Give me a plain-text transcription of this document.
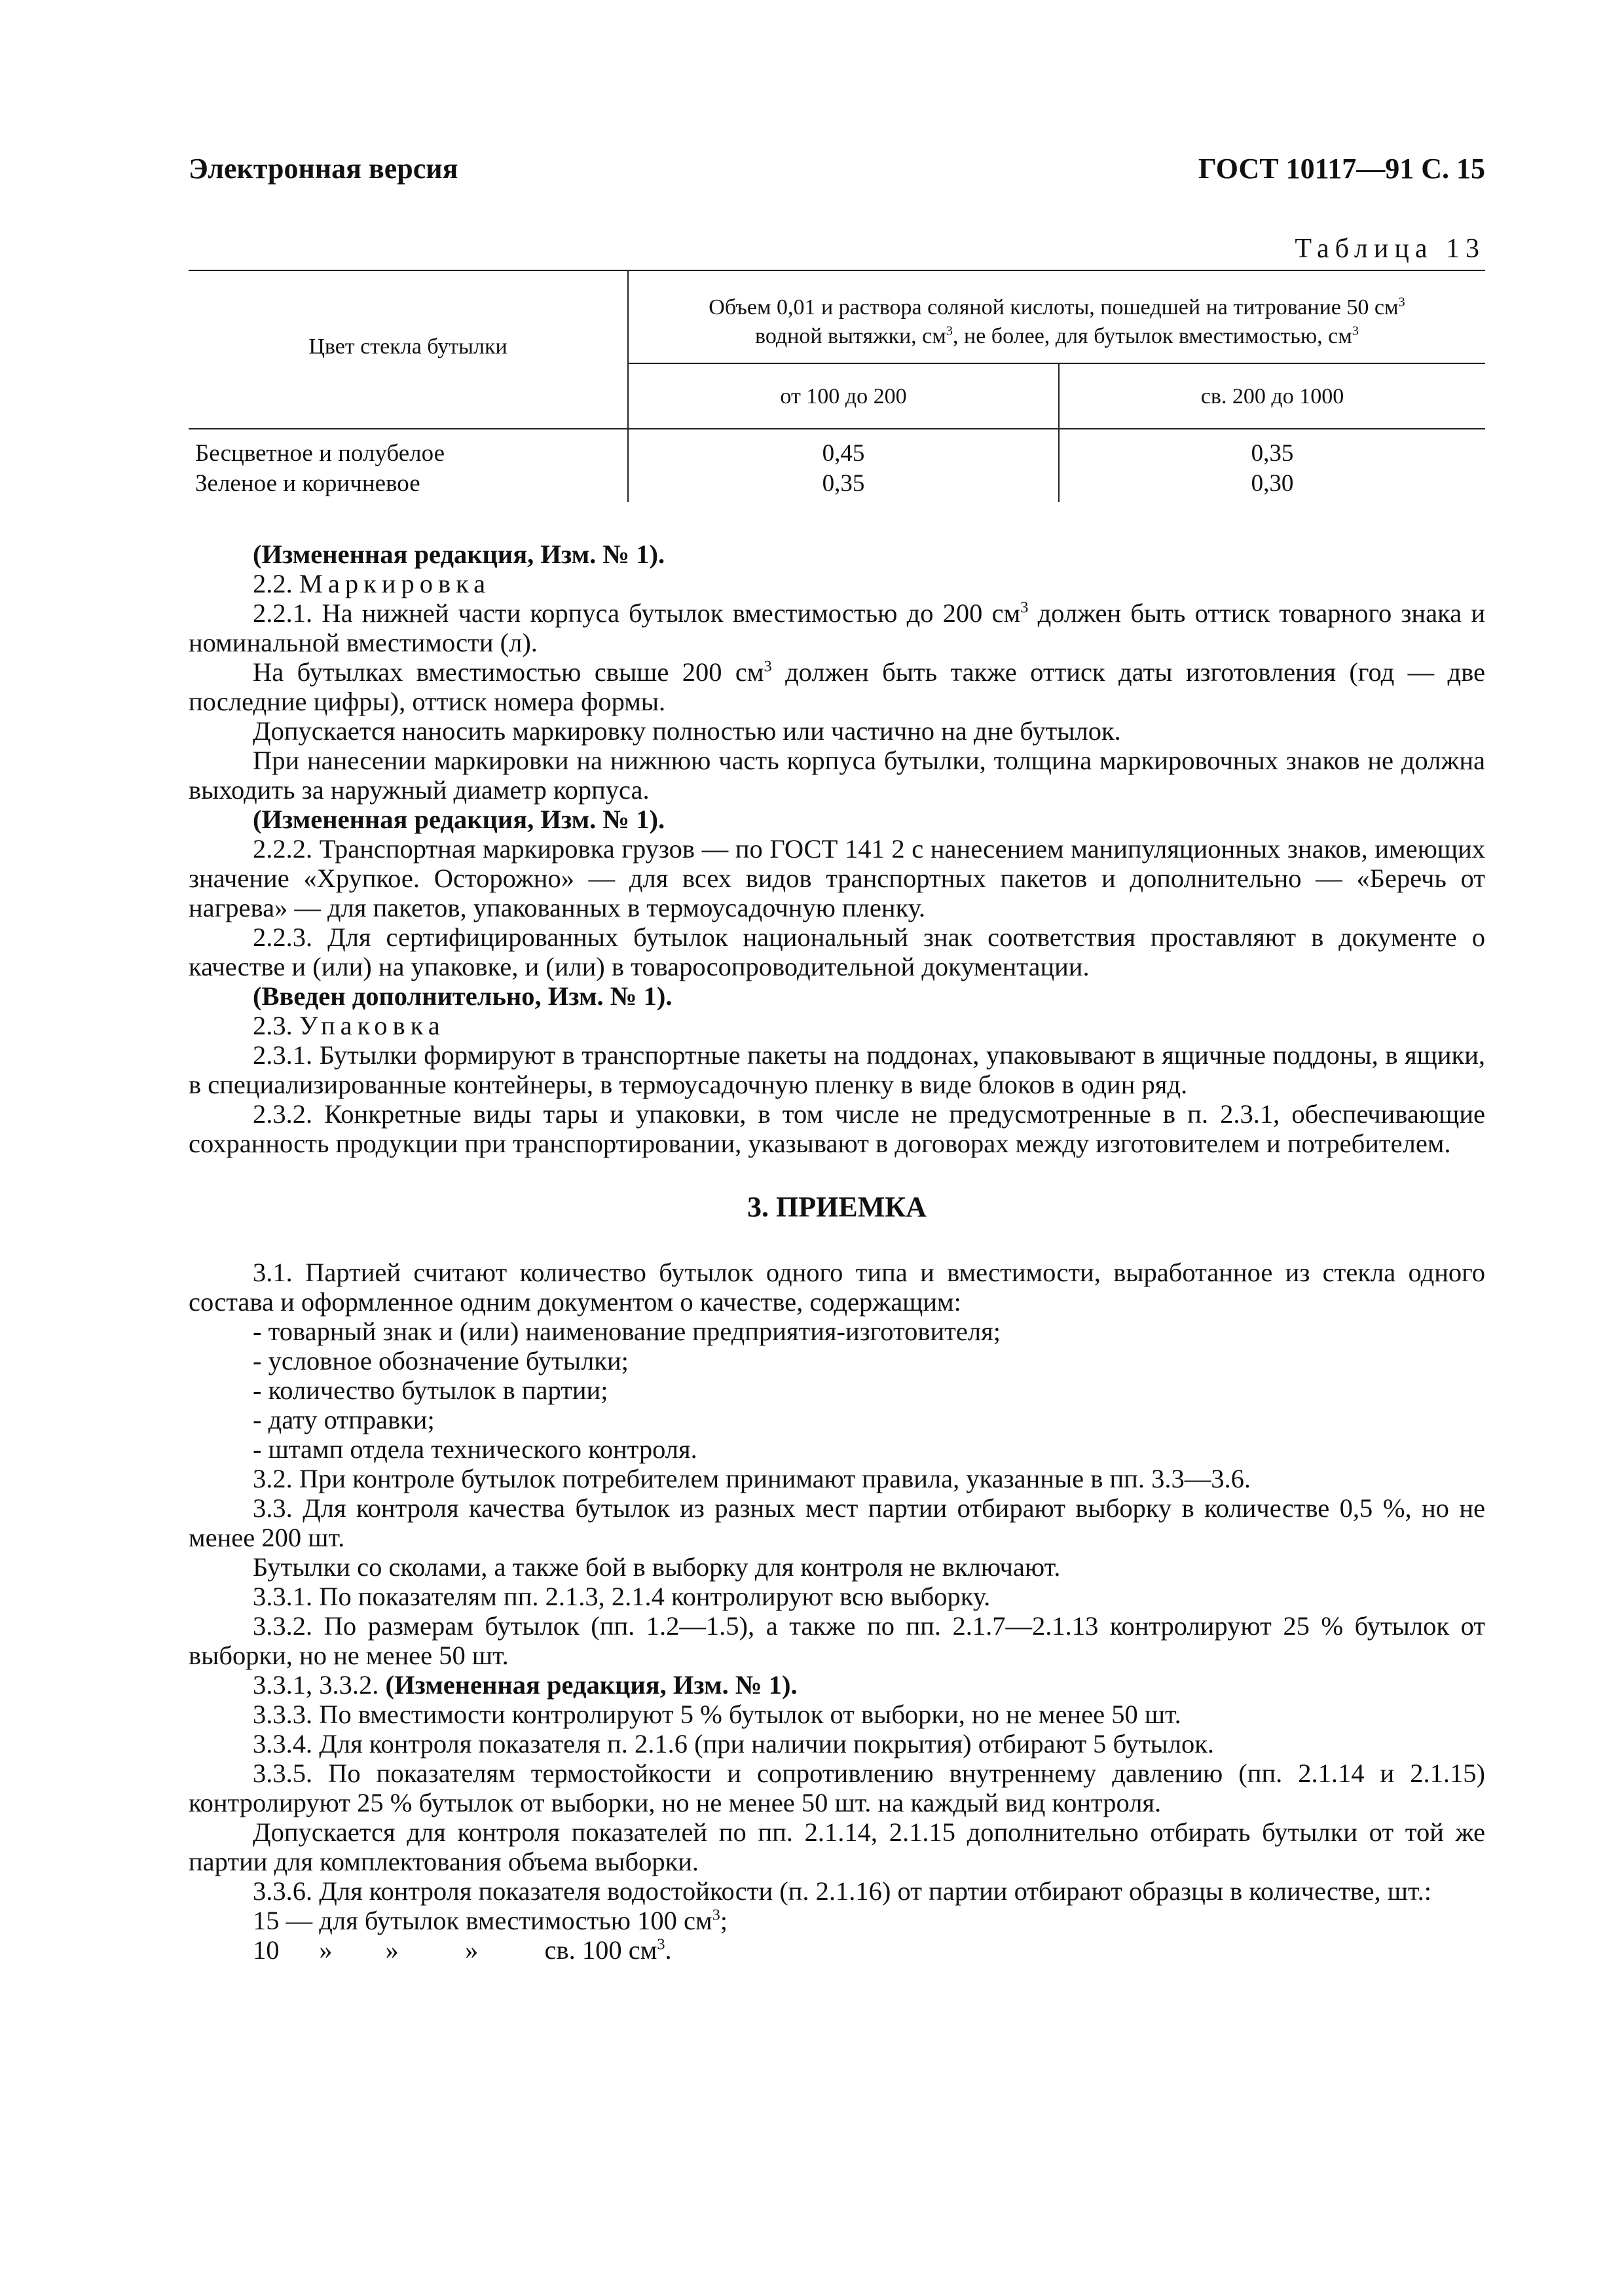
Электронная версия	ГОСТ 10117—91 С. 15
Таблица 13
Цвет стекла бутылки
Объем 0,01 и раствора соляной кислоты, пошедшей на титрование 50 $см^3$
водной вытяжки, $см^3$, не более, для бутылок вместимостью, $см^3$
от 100 до 200	св. 200 до 1000
Бесцветное и полубелое
Зеленое и коричневое
0,45
0,35
0,35
0,30

(Измененная редакция, Изм. № 1).

2.2. Маркировка

2.2.1. На нижней части корпуса бутылок вместимостью до 200 $см^3$ должен быть оттиск товарного знака и номинальной вместимости (л).

На бутылках вместимостью свыше 200 $см^3$ должен быть также оттиск даты изготовления (год — две последние цифры), оттиск номера формы.

Допускается наносить маркировку полностью или частично на дне бутылок.

При нанесении маркировки на нижнюю часть корпуса бутылки, толщина маркировочных знаков не должна выходить за наружный диаметр корпуса.

(Измененная редакция, Изм. № 1).

2.2.2. Транспортная маркировка грузов — по ГОСТ 141 2 с нанесением манипуляционных знаков, имеющих значение «Хрупкое. Осторожно» — для всех видов транспортных пакетов и дополнительно — «Беречь от нагрева» — для пакетов, упакованных в термоусадочную пленку.

2.2.3. Для сертифицированных бутылок национальный знак соответствия проставляют в документе о качестве и (или) на упаковке, и (или) в товаросопроводительной документации.

(Введен дополнительно, Изм. № 1).

2.3. Упаковка

2.3.1. Бутылки формируют в транспортные пакеты на поддонах, упаковывают в ящичные поддоны, в ящики, в специализированные контейнеры, в термоусадочную пленку в виде блоков в один ряд.

2.3.2. Конкретные виды тары и упаковки, в том числе не предусмотренные в п. 2.3.1, обеспечивающие сохранность продукции при транспортировании, указывают в договорах между изготовителем и потребителем.

3. ПРИЕМКА

3.1. Партией считают количество бутылок одного типа и вместимости, выработанное из стекла одного состава и оформленное одним документом о качестве, содержащим:

- товарный знак и (или) наименование предприятия-изготовителя;

- условное обозначение бутылки;

- количество бутылок в партии;

- дату отправки;

- штамп отдела технического контроля.

3.2. При контроле бутылок потребителем принимают правила, указанные в пп. 3.3—3.6.

3.3. Для контроля качества бутылок из разных мест партии отбирают выборку в количестве 0,5 %, но не менее 200 шт.

Бутылки со сколами, а также бой в выборку для контроля не включают.

3.3.1. По показателям пп. 2.1.3, 2.1.4 контролируют всю выборку.

3.3.2. По размерам бутылок (пп. 1.2—1.5), а также по пп. 2.1.7—2.1.13 контролируют 25 % бутылок от выборки, но не менее 50 шт.

3.3.1, 3.3.2. (Измененная редакция, Изм. № 1).

3.3.3. По вместимости контролируют 5 % бутылок от выборки, но не менее 50 шт.

3.3.4. Для контроля показателя п. 2.1.6 (при наличии покрытия) отбирают 5 бутылок.

3.3.5. По показателям термостойкости и сопротивлению внутреннему давлению (пп. 2.1.14 и 2.1.15) контролируют 25 % бутылок от выборки, но не менее 50 шт. на каждый вид контроля.

Допускается для контроля показателей по пп. 2.1.14, 2.1.15 дополнительно отбирать бутылки от той же партии для комплектования объема выборки.

3.3.6. Для контроля показателя водостойкости (п. 2.1.16) от партии отбирают образцы в количестве, шт.:

15 — для бутылок вместимостью 100 $см^3$;

10      »        »          »          св. 100 $см^3$.
